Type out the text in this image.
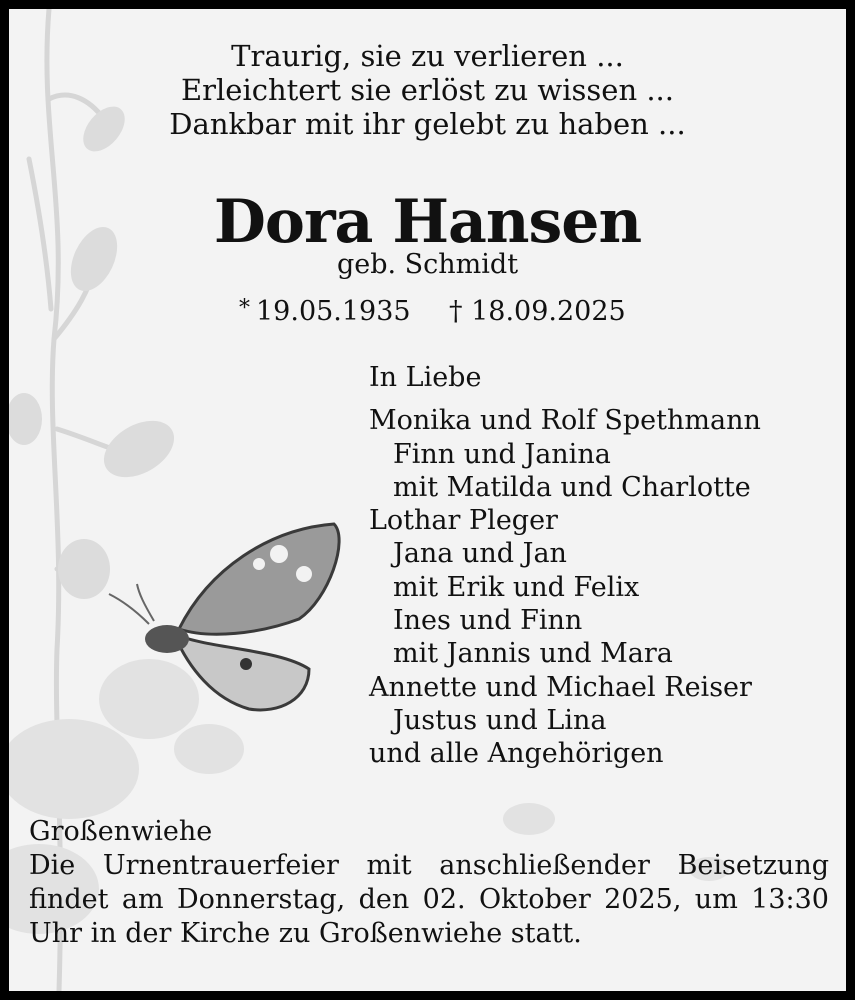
Traurig, sie zu verlieren ...
Erleichtert sie erlöst zu wissen ...
Dankbar mit ihr gelebt zu haben ...
Dora Hansen
geb. Schmidt
* 19.05.1935 † 18.09.2025
In Liebe
Monika und Rolf Spethmann
Finn und Janina
mit Matilda und Charlotte
Lothar Pleger
Jana und Jan
mit Erik und Felix
Ines und Finn
mit Jannis und Mara
Annette und Michael Reiser
Justus und Lina
und alle Angehörigen
Großenwiehe
Die Urnentrauerfeier mit anschließender Beisetzung
findet am Donnerstag, den 02. Oktober 2025, um 13:30
Uhr in der Kirche zu Großenwiehe statt.
